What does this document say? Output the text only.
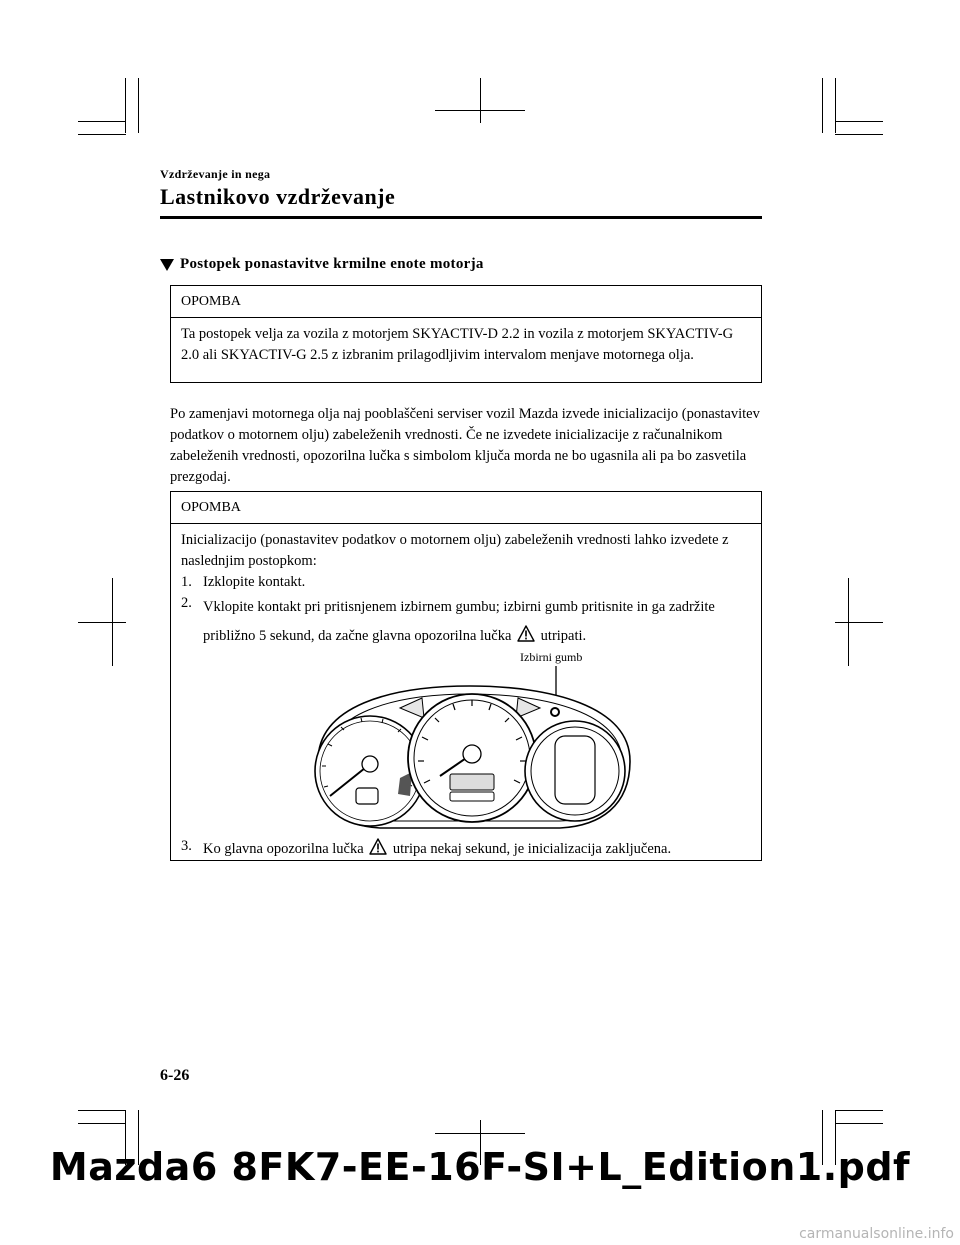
Vzdrževanje in nega
Lastnikovo vzdrževanje
Postopek ponastavitve krmilne enote motorja
OPOMBA
Ta postopek velja za vozila z motorjem SKYACTIV-D 2.2 in vozila z motorjem SKYACTIV-G 2.0 ali SKYACTIV-G 2.5 z izbranim prilagodljivim intervalom menjave motornega olja.
Po zamenjavi motornega olja naj pooblaščeni serviser vozil Mazda izvede inicializacijo (ponastavitev podatkov o motornem olju) zabeleženih vrednosti. Če ne izvedete inicializacije z računalnikom zabeleženih vrednosti, opozorilna lučka s simbolom ključa morda ne bo ugasnila ali pa bo zasvetila prezgodaj.
OPOMBA
Inicializacijo (ponastavitev podatkov o motornem olju) zabeleženih vrednosti lahko izvedete z naslednjim postopkom:
1. Izklopite kontakt.
2. Vklopite kontakt pri pritisnjenem izbirnem gumbu; izbirni gumb pritisnite in ga zadržite približno 5 sekund, da začne glavna opozorilna lučka utripati.
Izbirni gumb
3. Ko glavna opozorilna lučka utripa nekaj sekund, je inicializacija zaključena.
6-26
Mazda6 8FK7-EE-16F-SI+L_Edition1.pdf
carmanualsonline.info
